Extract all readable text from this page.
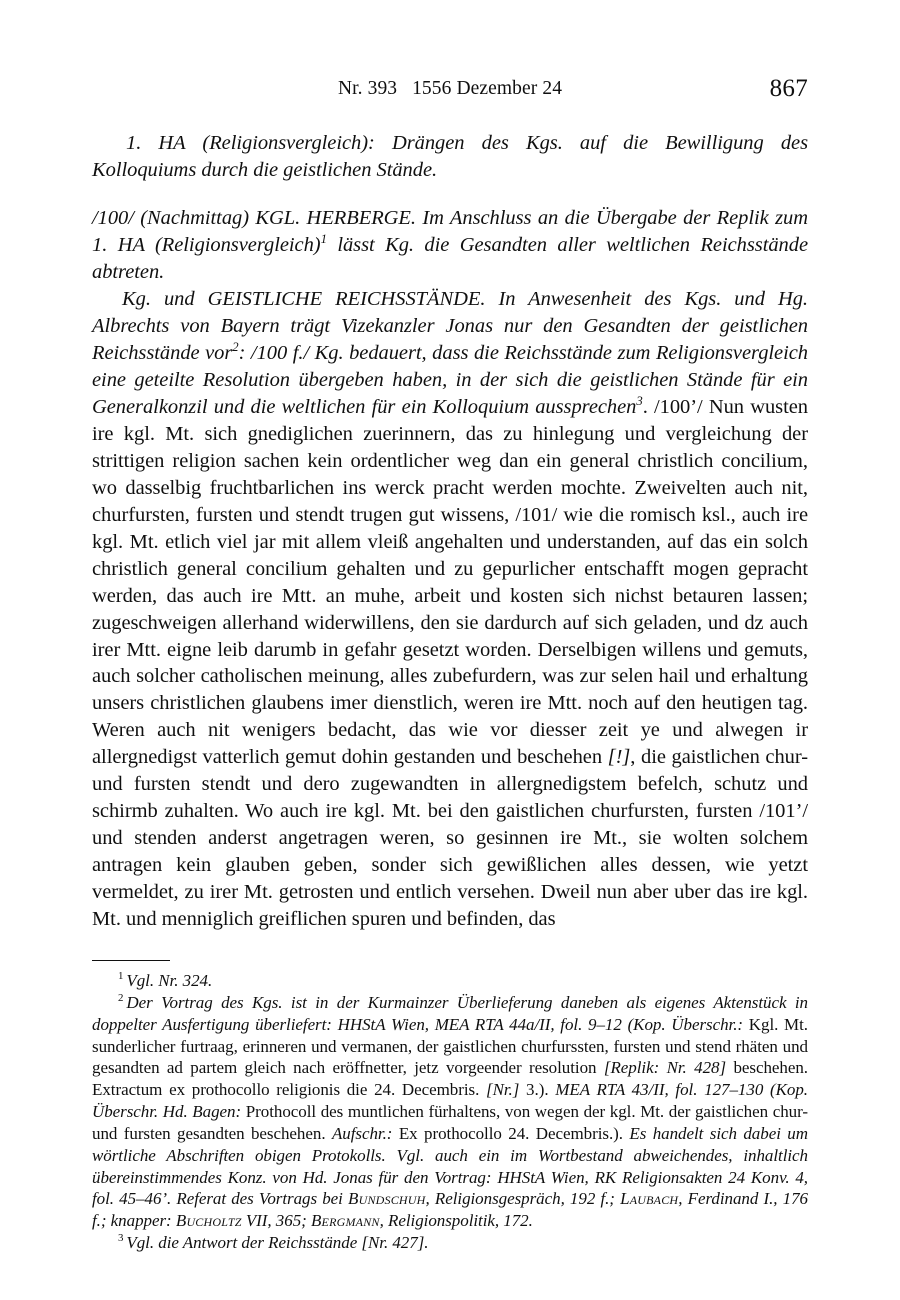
Nr. 393   1556 Dezember 24	867
1. HA (Religionsvergleich): Drängen des Kgs. auf die Bewilligung des Kolloquiums durch die geistlichen Stände.
/100/ (Nachmittag) KGL. HERBERGE. Im Anschluss an die Übergabe der Replik zum 1. HA (Religionsvergleich)$^1$ lässt Kg. die Gesandten aller weltlichen Reichsstände abtreten.
Kg. und GEISTLICHE REICHSSTÄNDE. In Anwesenheit des Kgs. und Hg. Albrechts von Bayern trägt Vizekanzler Jonas nur den Gesandten der geistlichen Reichsstände vor$^2$: /100 f./ Kg. bedauert, dass die Reichsstände zum Religionsvergleich eine geteilte Resolution übergeben haben, in der sich die geistlichen Stände für ein Generalkonzil und die weltlichen für ein Kolloquium aussprechen$^3$. /100’/ Nun wusten ire kgl. Mt. sich gnediglichen zuerinnern, das zu hinlegung und vergleichung der strittigen religion sachen kein ordentlicher weg dan ein general christlich concilium, wo dasselbig fruchtbarlichen ins werck pracht werden mochte. Zweivelten auch nit, churfursten, fursten und stendt trugen gut wissens, /101/ wie die romisch ksl., auch ire kgl. Mt. etlich viel jar mit allem vleiß angehalten und understanden, auf das ein solch christlich general concilium gehalten und zu gepurlicher entschafft mogen gepracht werden, das auch ire Mtt. an muhe, arbeit und kosten sich nichst betauren lassen; zugeschweigen allerhand widerwillens, den sie dardurch auf sich geladen, und dz auch irer Mtt. eigne leib darumb in gefahr gesetzt worden. Derselbigen willens und gemuts, auch solcher catholischen meinung, alles zubefurdern, was zur selen hail und erhaltung unsers christlichen glaubens imer dienstlich, weren ire Mtt. noch auf den heutigen tag. Weren auch nit wenigers bedacht, das wie vor diesser zeit ye und alwegen ir allergnedigst vatterlich gemut dohin gestanden und beschehen [!], die gaistlichen chur- und fursten stendt und dero zugewandten in allergnedigstem befelch, schutz und schirmb zuhalten. Wo auch ire kgl. Mt. bei den gaistlichen churfursten, fursten /101’/ und stenden anderst angetragen weren, so gesinnen ire Mt., sie wolten solchem antragen kein glauben geben, sonder sich gewißlichen alles dessen, wie yetzt vermeldet, zu irer Mt. getrosten und entlich versehen. Dweil nun aber uber das ire kgl. Mt. und menniglich greiflichen spuren und befinden, das
$^1$ Vgl. Nr. 324.
$^2$ Der Vortrag des Kgs. ist in der Kurmainzer Überlieferung daneben als eigenes Aktenstück in doppelter Ausfertigung überliefert: HHStA Wien, MEA RTA 44a/II, fol. 9–12 (Kop. Überschr.: Kgl. Mt. sunderlicher furtraag, erinneren und vermanen, der gaistlichen churfurssten, fursten und stend rhäten und gesandten ad partem gleich nach eröffnetter, jetz vorgeender resolution [Replik: Nr. 428] beschehen. Extractum ex prothocollo religionis die 24. Decembris. [Nr.] 3.). MEA RTA 43/II, fol. 127–130 (Kop. Überschr. Hd. Bagen: Prothocoll des muntlichen fürhaltens, von wegen der kgl. Mt. der gaistlichen chur- und fursten gesandten beschehen. Aufschr.: Ex prothocollo 24. Decembris.). Es handelt sich dabei um wörtliche Abschriften obigen Protokolls. Vgl. auch ein im Wortbestand abweichendes, inhaltlich übereinstimmendes Konz. von Hd. Jonas für den Vortrag: HHStA Wien, RK Religionsakten 24 Konv. 4, fol. 45–46’. Referat des Vortrags bei Bundschuh, Religionsgespräch, 192 f.; Laubach, Ferdinand I., 176 f.; knapper: Bucholtz VII, 365; Bergmann, Religionspolitik, 172.
$^3$ Vgl. die Antwort der Reichsstände [Nr. 427].
